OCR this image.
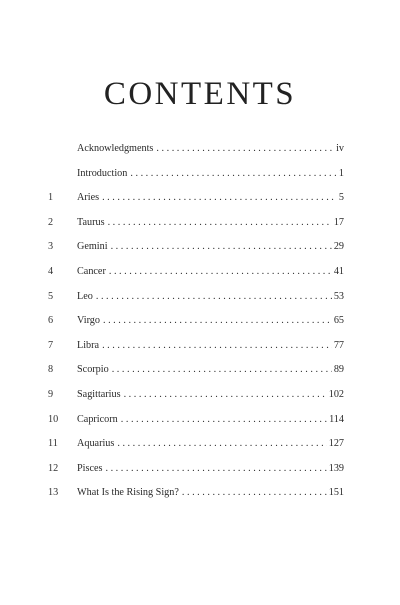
CONTENTS
Acknowledgments . . .	iv
Introduction . . .	1
1	Aries . . .	5
2	Taurus . . .	17
3	Gemini . . .	29
4	Cancer . . .	41
5	Leo . . .	53
6	Virgo . . .	65
7	Libra . . .	77
8	Scorpio . . .	89
9	Sagittarius . . .	102
10	Capricorn . . .	114
11	Aquarius . . .	127
12	Pisces . . .	139
13	What Is the Rising Sign? . . .	151
